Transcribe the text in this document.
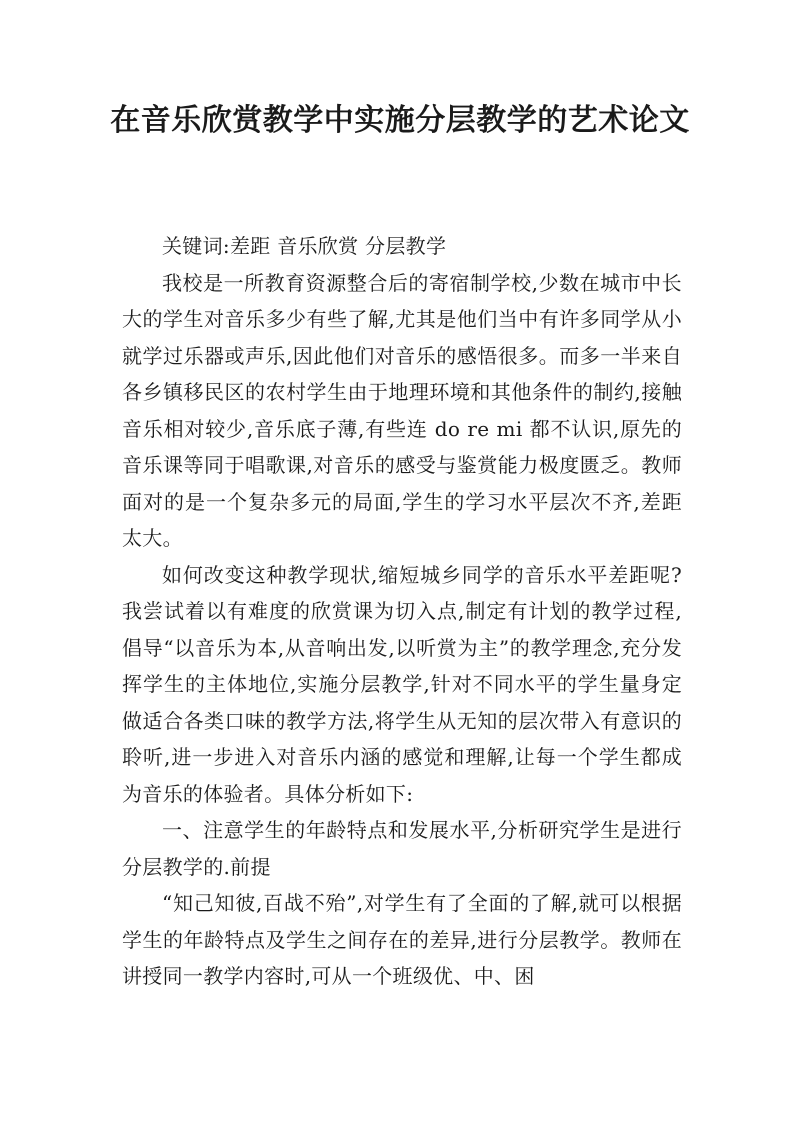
在音乐欣赏教学中实施分层教学的艺术论文

关键词:差距 音乐欣赏 分层教学

我校是一所教育资源整合后的寄宿制学校,少数在城市中长大的学生对音乐多少有些了解,尤其是他们当中有许多同学从小就学过乐器或声乐,因此他们对音乐的感悟很多。而多一半来自各乡镇移民区的农村学生由于地理环境和其他条件的制约,接触音乐相对较少,音乐底子薄,有些连 do re mi 都不认识,原先的音乐课等同于唱歌课,对音乐的感受与鉴赏能力极度匮乏。教师面对的是一个复杂多元的局面,学生的学习水平层次不齐,差距太大。

如何改变这种教学现状,缩短城乡同学的音乐水平差距呢?我尝试着以有难度的欣赏课为切入点,制定有计划的教学过程,倡导“以音乐为本,从音响出发,以听赏为主”的教学理念,充分发挥学生的主体地位,实施分层教学,针对不同水平的学生量身定做适合各类口味的教学方法,将学生从无知的层次带入有意识的聆听,进一步进入对音乐内涵的感觉和理解,让每一个学生都成为音乐的体验者。具体分析如下:

一、注意学生的年龄特点和发展水平,分析研究学生是进行分层教学的.前提

“知己知彼,百战不殆”,对学生有了全面的了解,就可以根据学生的年龄特点及学生之间存在的差异,进行分层教学。教师在讲授同一教学内容时,可从一个班级优、中、困
